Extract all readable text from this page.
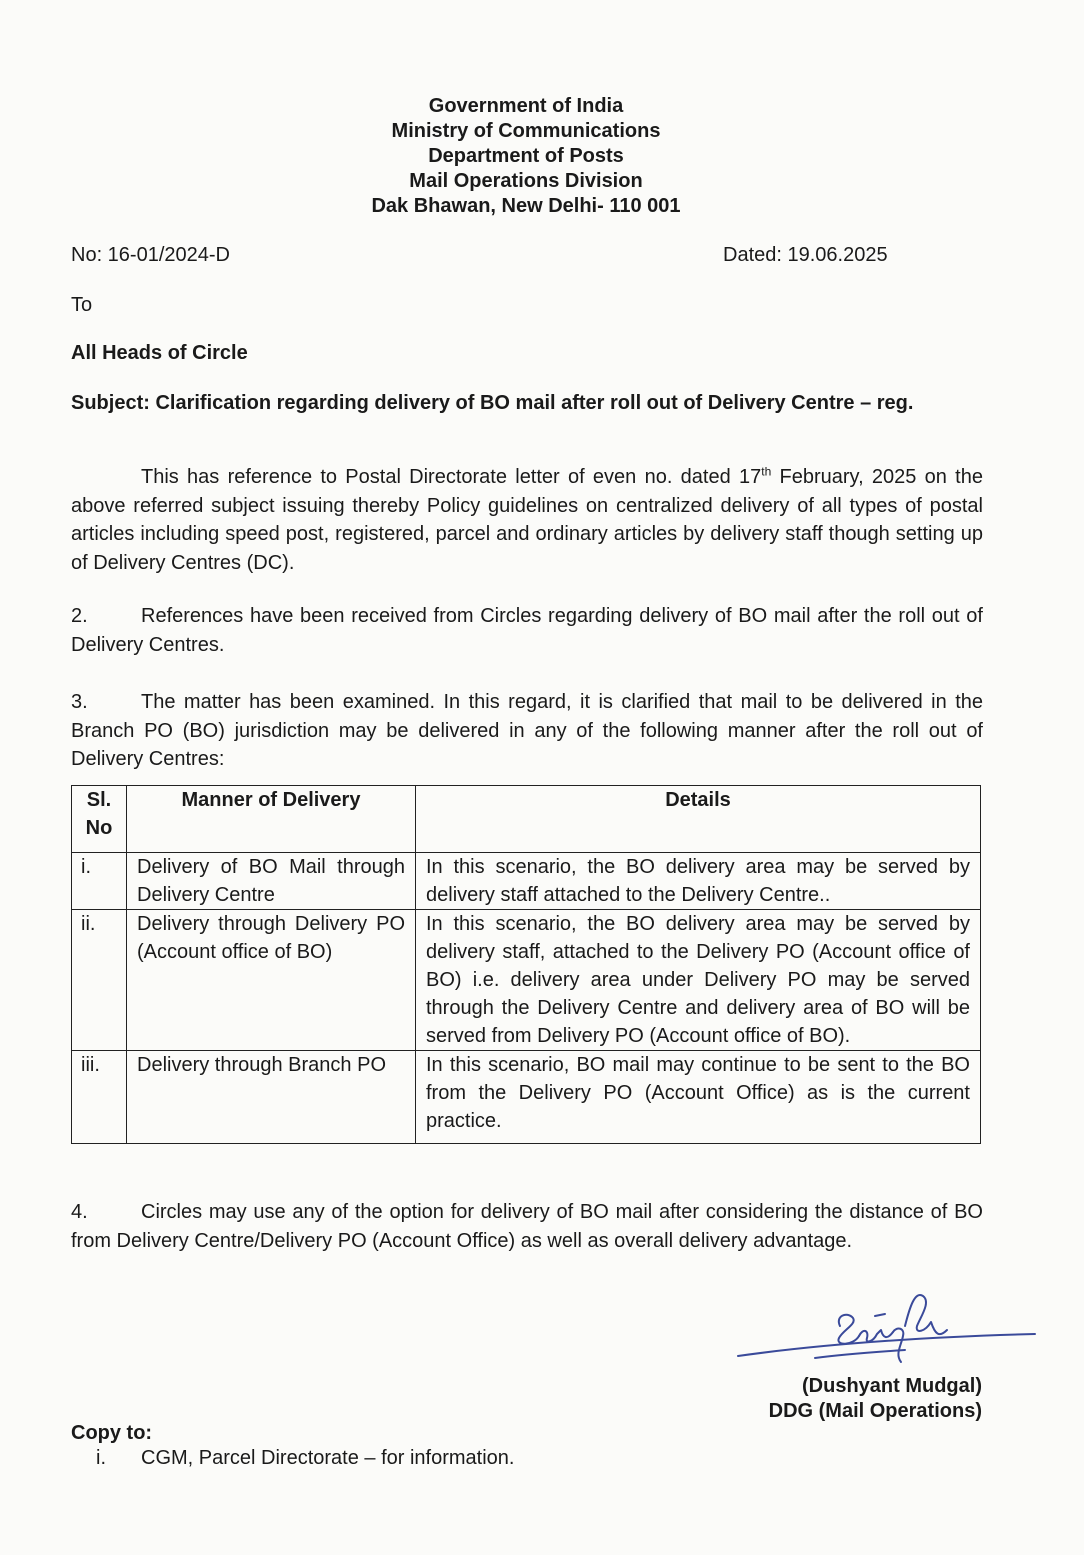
Government of India
Ministry of Communications
Department of Posts
Mail Operations Division
Dak Bhawan, New Delhi- 110 001
No: 16-01/2024-D	Dated: 19.06.2025
To
All Heads of Circle
Subject: Clarification regarding delivery of BO mail after roll out of Delivery Centre – reg.
This has reference to Postal Directorate letter of even no. dated 17th February, 2025 on the above referred subject issuing thereby Policy guidelines on centralized delivery of all types of postal articles including speed post, registered, parcel and ordinary articles by delivery staff though setting up of Delivery Centres (DC).
2.	References have been received from Circles regarding delivery of BO mail after the roll out of Delivery Centres.
3.	The matter has been examined. In this regard, it is clarified that mail to be delivered in the Branch PO (BO) jurisdiction may be delivered in any of the following manner after the roll out of Delivery Centres:
Sl.
No	Manner of Delivery	Details
i.	Delivery of BO Mail through Delivery Centre	In this scenario, the BO delivery area may be served by delivery staff attached to the Delivery Centre..
ii.	Delivery through Delivery PO (Account office of BO)	In this scenario, the BO delivery area may be served by delivery staff, attached to the Delivery PO (Account office of BO) i.e. delivery area under Delivery PO may be served through the Delivery Centre and delivery area of BO will be served from Delivery PO (Account office of BO).
iii.	Delivery through Branch PO	In this scenario, BO mail may continue to be sent to the BO from the Delivery PO (Account Office) as is the current practice.
4.	Circles may use any of the option for delivery of BO mail after considering the distance of BO from Delivery Centre/Delivery PO (Account Office) as well as overall delivery advantage.
(Dushyant Mudgal)
DDG (Mail Operations)
Copy to:
i. CGM, Parcel Directorate – for information.
